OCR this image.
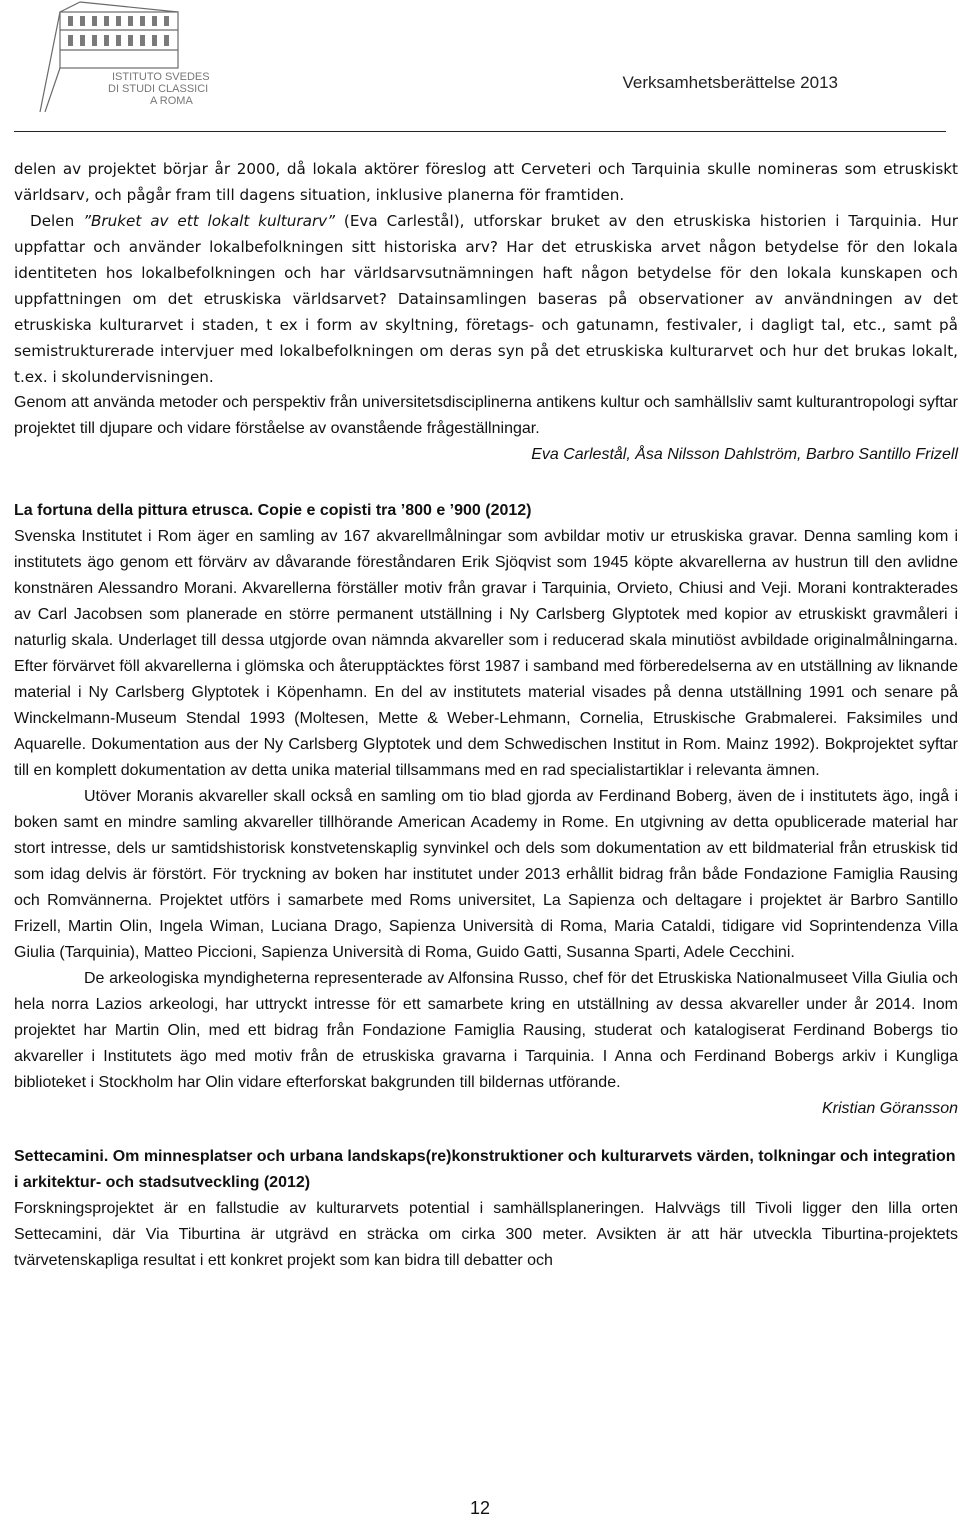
ISTITUTO SVEDESE
DI STUDI CLASSICI
A ROMA
Verksamhetsberättelse 2013

delen av projektet börjar år 2000, då lokala aktörer föreslog att Cerveteri och Tarquinia skulle nomineras som etruskiskt världsarv, och pågår fram till dagens situation, inklusive planerna för framtiden.
Delen ”Bruket av ett lokalt kulturarv” (Eva Carlestål), utforskar bruket av den etruskiska historien i Tarquinia. Hur uppfattar och använder lokalbefolkningen sitt historiska arv? Har det etruskiska arvet någon betydelse för den lokala identiteten hos lokalbefolkningen och har världsarvsutnämningen haft någon betydelse för den lokala kunskapen och uppfattningen om det etruskiska världsarvet? Datainsamlingen baseras på observationer av användningen av det etruskiska kulturarvet i staden, t ex i form av skyltning, företags- och gatunamn, festivaler, i dagligt tal, etc., samt på semistrukturerade intervjuer med lokalbefolkningen om deras syn på det etruskiska kulturarvet och hur det brukas lokalt, t.ex. i skolundervisningen.

Genom att använda metoder och perspektiv från universitetsdisciplinerna antikens kultur och samhällsliv samt kulturantropologi syftar projektet till djupare och vidare förståelse av ovanstående frågeställningar.

Eva Carlestål, Åsa Nilsson Dahlström, Barbro Santillo Frizell

La fortuna della pittura etrusca. Copie e copisti tra ’800 e ’900 (2012)

Svenska Institutet i Rom äger en samling av 167 akvarellmålningar som avbildar motiv ur etruskiska gravar. Denna samling kom i institutets ägo genom ett förvärv av dåvarande föreståndaren Erik Sjöqvist som 1945 köpte akvarellerna av hustrun till den avlidne konstnären Alessandro Morani. Akvarellerna förställer motiv från gravar i Tarquinia, Orvieto, Chiusi and Veji. Morani kontrakterades av Carl Jacobsen som planerade en större permanent utställning i Ny Carlsberg Glyptotek med kopior av etruskiskt gravmåleri i naturlig skala. Underlaget till dessa utgjorde ovan nämnda akvareller som i reducerad skala minutiöst avbildade originalmålningarna. Efter förvärvet föll akvarellerna i glömska och återupptäcktes först 1987 i samband med förberedelserna av en utställning av liknande material i Ny Carlsberg Glyptotek i Köpenhamn. En del av institutets material visades på denna utställning 1991 och senare på Winckelmann-Museum Stendal 1993 (Moltesen, Mette & Weber-Lehmann, Cornelia, Etruskische Grabmalerei. Faksimiles und Aquarelle. Dokumentation aus der Ny Carlsberg Glyptotek und dem Schwedischen Institut in Rom. Mainz 1992). Bokprojektet syftar till en komplett dokumentation av detta unika material tillsammans med en rad specialistartiklar i relevanta ämnen.

Utöver Moranis akvareller skall också en samling om tio blad gjorda av Ferdinand Boberg, även de i institutets ägo, ingå i boken samt en mindre samling akvareller tillhörande American Academy in Rome. En utgivning av detta opublicerade material har stort intresse, dels ur samtidshistorisk konstvetenskaplig synvinkel och dels som dokumentation av ett bildmaterial från etruskisk tid som idag delvis är förstört. För tryckning av boken har institutet under 2013 erhållit bidrag från både Fondazione Famiglia Rausing och Romvännerna. Projektet utförs i samarbete med Roms universitet, La Sapienza och deltagare i projektet är Barbro Santillo Frizell, Martin Olin, Ingela Wiman, Luciana Drago, Sapienza Università di Roma, Maria Cataldi, tidigare vid Soprintendenza Villa Giulia (Tarquinia), Matteo Piccioni, Sapienza Università di Roma, Guido Gatti, Susanna Sparti, Adele Cecchini.

De arkeologiska myndigheterna representerade av Alfonsina Russo, chef för det Etruskiska Nationalmuseet Villa Giulia och hela norra Lazios arkeologi, har uttryckt intresse för ett samarbete kring en utställning av dessa akvareller under år 2014. Inom projektet har Martin Olin, med ett bidrag från Fondazione Famiglia Rausing, studerat och katalogiserat Ferdinand Bobergs tio akvareller i Institutets ägo med motiv från de etruskiska gravarna i Tarquinia. I Anna och Ferdinand Bobergs arkiv i Kungliga biblioteket i Stockholm har Olin vidare efterforskat bakgrunden till bildernas utförande.

Kristian Göransson

Settecamini. Om minnesplatser och urbana landskaps(re)konstruktioner och kulturarvets värden, tolkningar och integration i arkitektur- och stadsutveckling (2012)

Forskningsprojektet är en fallstudie av kulturarvets potential i samhällsplaneringen. Halvvägs till Tivoli ligger den lilla orten Settecamini, där Via Tiburtina är utgrävd en sträcka om cirka 300 meter. Avsikten är att här utveckla Tiburtina-projektets tvärvetenskapliga resultat i ett konkret projekt som kan bidra till debatter och

12
